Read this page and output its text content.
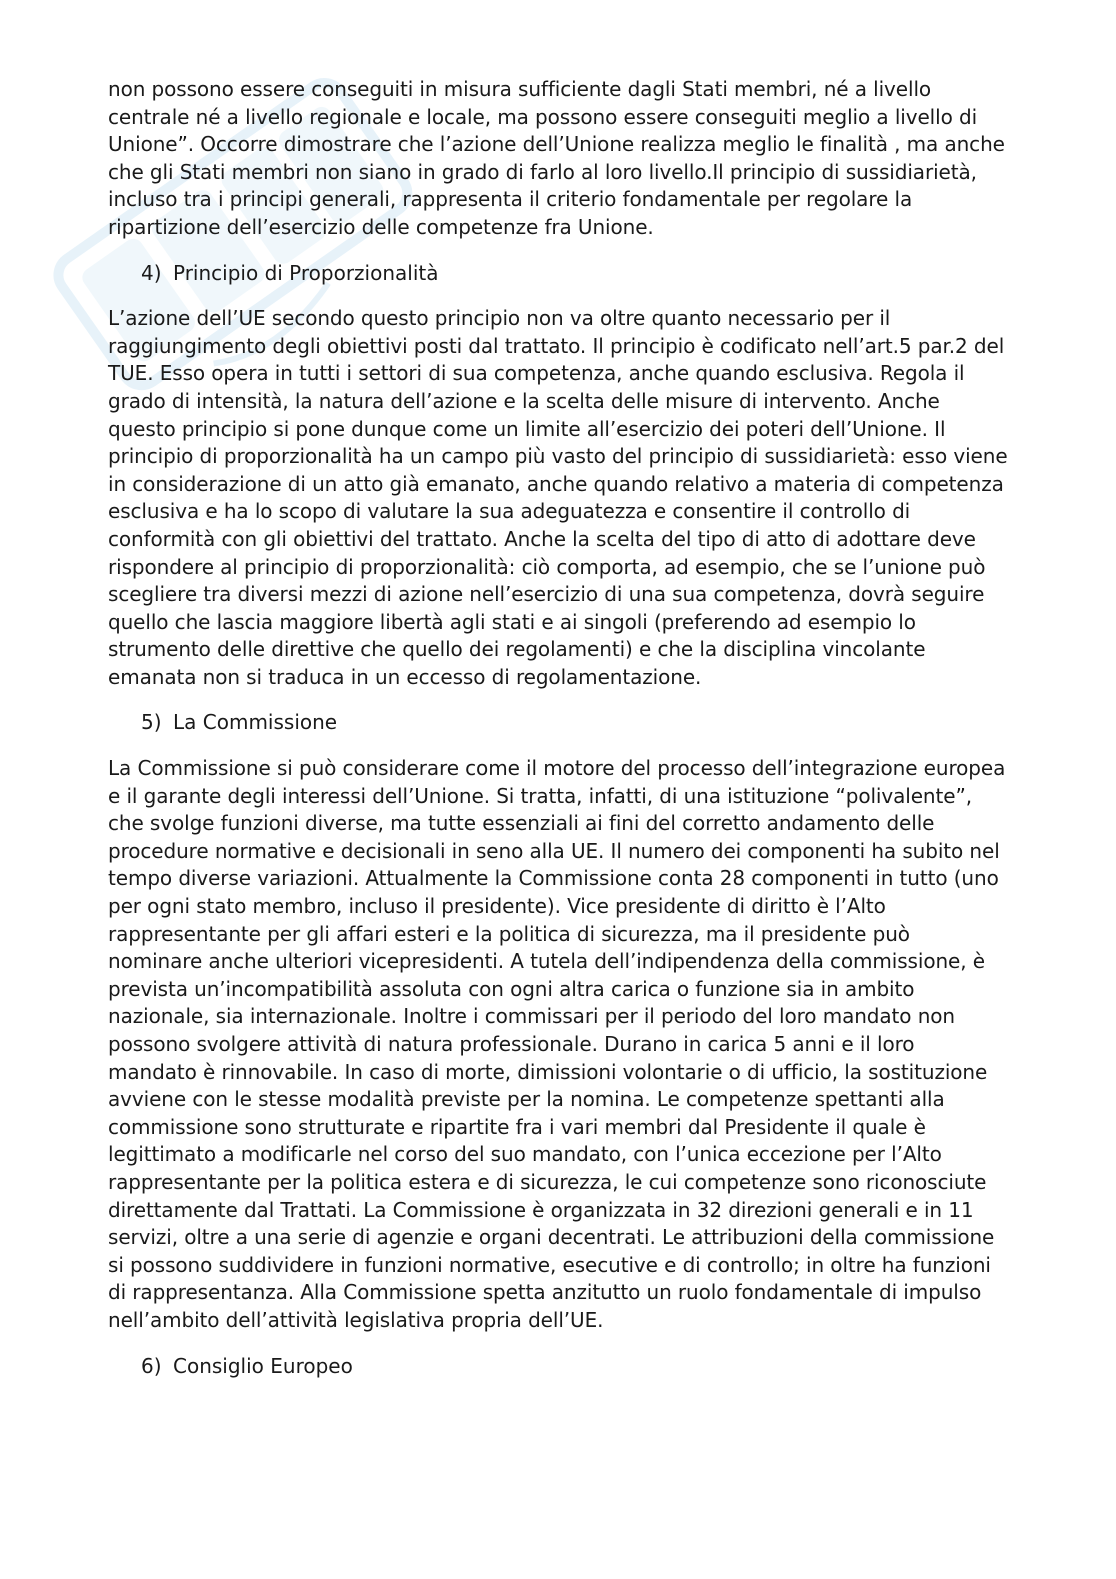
non possono essere conseguiti in misura sufficiente dagli Stati membri, né a livello centrale né a livello regionale e locale, ma possono essere conseguiti meglio a livello di Unione”. Occorre dimostrare che l’azione dell’Unione realizza meglio le finalità , ma anche che gli Stati membri non siano in grado di farlo al loro livello.Il principio di sussidiarietà, incluso tra i principi generali, rappresenta il criterio fondamentale per regolare la ripartizione dell’esercizio delle competenze fra Unione.

4) Principio di Proporzionalità

L’azione dell’UE secondo questo principio non va oltre quanto necessario per il raggiungimento degli obiettivi posti dal trattato. Il principio è codificato nell’art.5 par.2 del TUE. Esso opera in tutti i settori di sua competenza, anche quando esclusiva. Regola il grado di intensità, la natura dell’azione e la scelta delle misure di intervento. Anche questo principio si pone dunque come un limite all’esercizio dei poteri dell’Unione. Il principio di proporzionalità ha un campo più vasto del principio di sussidiarietà: esso viene in considerazione di un atto già emanato, anche quando relativo a materia di competenza esclusiva e ha lo scopo di valutare la sua adeguatezza e consentire il controllo di conformità con gli obiettivi del trattato. Anche la scelta del tipo di atto di adottare deve rispondere al principio di proporzionalità: ciò comporta, ad esempio, che se l’unione può scegliere tra diversi mezzi di azione nell’esercizio di una sua competenza, dovrà seguire quello che lascia maggiore libertà agli stati e ai singoli (preferendo ad esempio lo strumento delle direttive che quello dei regolamenti) e che la disciplina vincolante emanata non si traduca in un eccesso di regolamentazione.

5) La Commissione

La Commissione si può considerare come il motore del processo dell’integrazione europea e il garante degli interessi dell’Unione. Si tratta, infatti, di una istituzione “polivalente”, che svolge funzioni diverse, ma tutte essenziali ai fini del corretto andamento delle procedure normative e decisionali in seno alla UE. Il numero dei componenti ha subito nel tempo diverse variazioni. Attualmente la Commissione conta 28 componenti in tutto (uno per ogni stato membro, incluso il presidente). Vice presidente di diritto è l’Alto rappresentante per gli affari esteri e la politica di sicurezza, ma il presidente può nominare anche ulteriori vicepresidenti. A tutela dell’indipendenza della commissione, è prevista un’incompatibilità assoluta con ogni altra carica o funzione sia in ambito nazionale, sia internazionale. Inoltre i commissari per il periodo del loro mandato non possono svolgere attività di natura professionale. Durano in carica 5 anni e il loro mandato è rinnovabile. In caso di morte, dimissioni volontarie o di ufficio, la sostituzione avviene con le stesse modalità previste per la nomina. Le competenze spettanti alla commissione sono strutturate e ripartite fra i vari membri dal Presidente il quale è legittimato a modificarle nel corso del suo mandato, con l’unica eccezione per l’Alto rappresentante per la politica estera e di sicurezza, le cui competenze sono riconosciute direttamente dal Trattati. La Commissione è organizzata in 32 direzioni generali e in 11 servizi, oltre a una serie di agenzie e organi decentrati. Le attribuzioni della commissione si possono suddividere in funzioni normative, esecutive e di controllo; in oltre ha funzioni di rappresentanza. Alla Commissione spetta anzitutto un ruolo fondamentale di impulso nell’ambito dell’attività legislativa propria dell’UE.

6) Consiglio Europeo
